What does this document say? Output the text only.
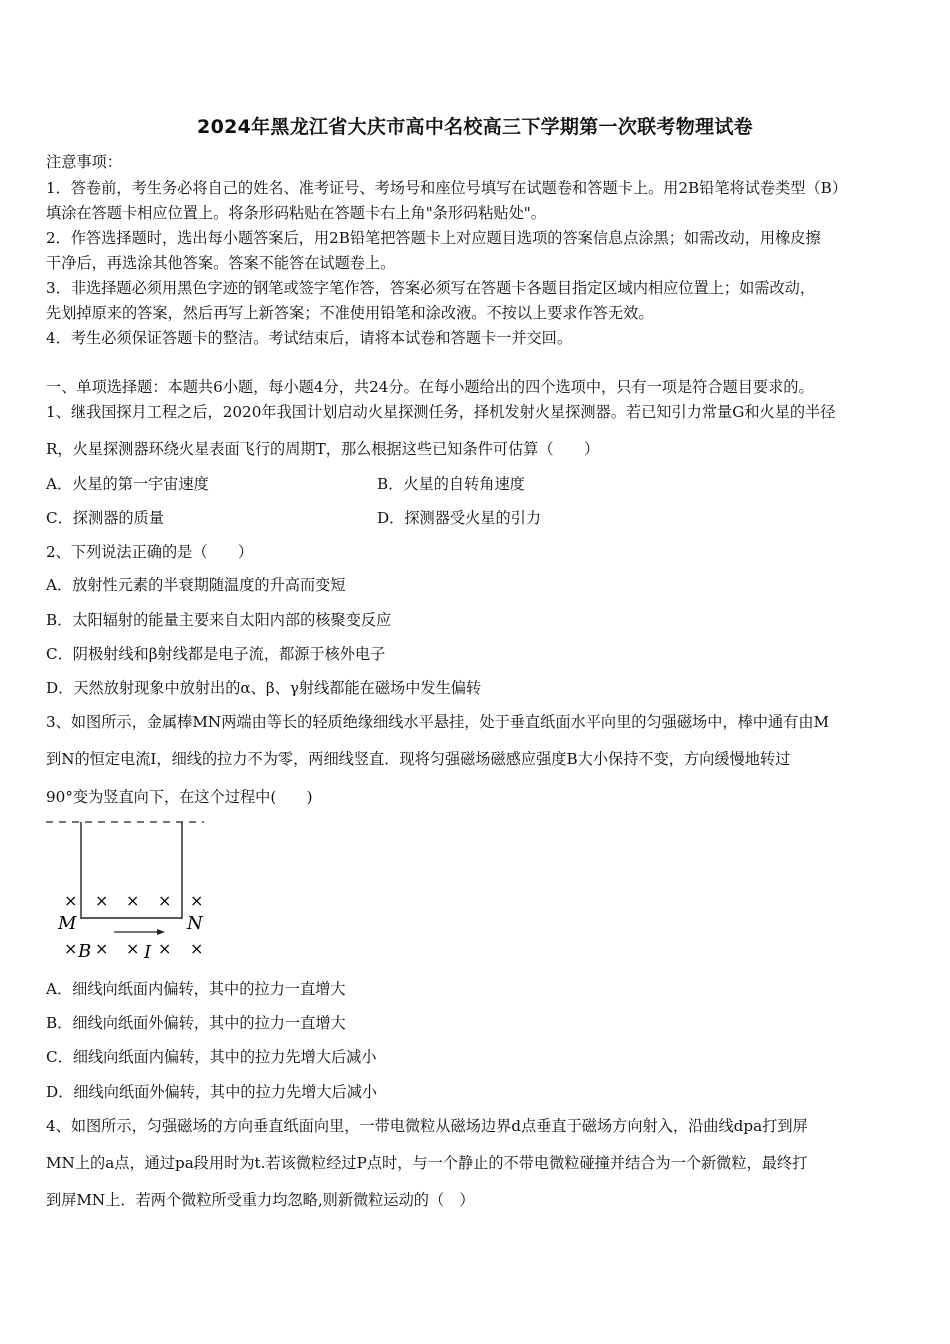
2024年黑龙江省大庆市高中名校高三下学期第一次联考物理试卷
注意事项：
1．答卷前，考生务必将自己的姓名、准考证号、考场号和座位号填写在试题卷和答题卡上。用2B铅笔将试卷类型（B）
填涂在答题卡相应位置上。将条形码粘贴在答题卡右上角"条形码粘贴处"。
2．作答选择题时，选出每小题答案后，用2B铅笔把答题卡上对应题目选项的答案信息点涂黑；如需改动，用橡皮擦
干净后，再选涂其他答案。答案不能答在试题卷上。
3．非选择题必须用黑色字迹的钢笔或签字笔作答，答案必须写在答题卡各题目指定区域内相应位置上；如需改动，
先划掉原来的答案，然后再写上新答案；不准使用铅笔和涂改液。不按以上要求作答无效。
4．考生必须保证答题卡的整洁。考试结束后，请将本试卷和答题卡一并交回。
一、单项选择题：本题共6小题，每小题4分，共24分。在每小题给出的四个选项中，只有一项是符合题目要求的。
1、继我国探月工程之后，2020年我国计划启动火星探测任务，择机发射火星探测器。若已知引力常量G和火星的半径
R，火星探测器环绕火星表面飞行的周期T，那么根据这些已知条件可估算（　　）
A．火星的第一宇宙速度	B．火星的自转角速度
C．探测器的质量	D．探测器受火星的引力
2、下列说法正确的是（　　）
A．放射性元素的半衰期随温度的升高而变短
B．太阳辐射的能量主要来自太阳内部的核聚变反应
C．阴极射线和β射线都是电子流，都源于核外电子
D．天然放射现象中放射出的α、β、γ射线都能在磁场中发生偏转
3、如图所示，金属棒MN两端由等长的轻质绝缘细线水平悬挂，处于垂直纸面水平向里的匀强磁场中，棒中通有由M
到N的恒定电流I，细线的拉力不为零，两细线竖直．现将匀强磁场磁感应强度B大小保持不变，方向缓慢地转过
90°变为竖直向下，在这个过程中(　　)
× × × × ×
× × × × ×
M	N
B	I
A．细线向纸面内偏转，其中的拉力一直增大
B．细线向纸面外偏转，其中的拉力一直增大
C．细线向纸面内偏转，其中的拉力先增大后减小
D．细线向纸面外偏转，其中的拉力先增大后减小
4、如图所示，匀强磁场的方向垂直纸面向里，一带电微粒从磁场边界d点垂直于磁场方向射入，沿曲线dpa打到屏
MN上的a点，通过pa段用时为t.若该微粒经过P点时，与一个静止的不带电微粒碰撞并结合为一个新微粒，最终打
到屏MN上．若两个微粒所受重力均忽略,则新微粒运动的（　）
